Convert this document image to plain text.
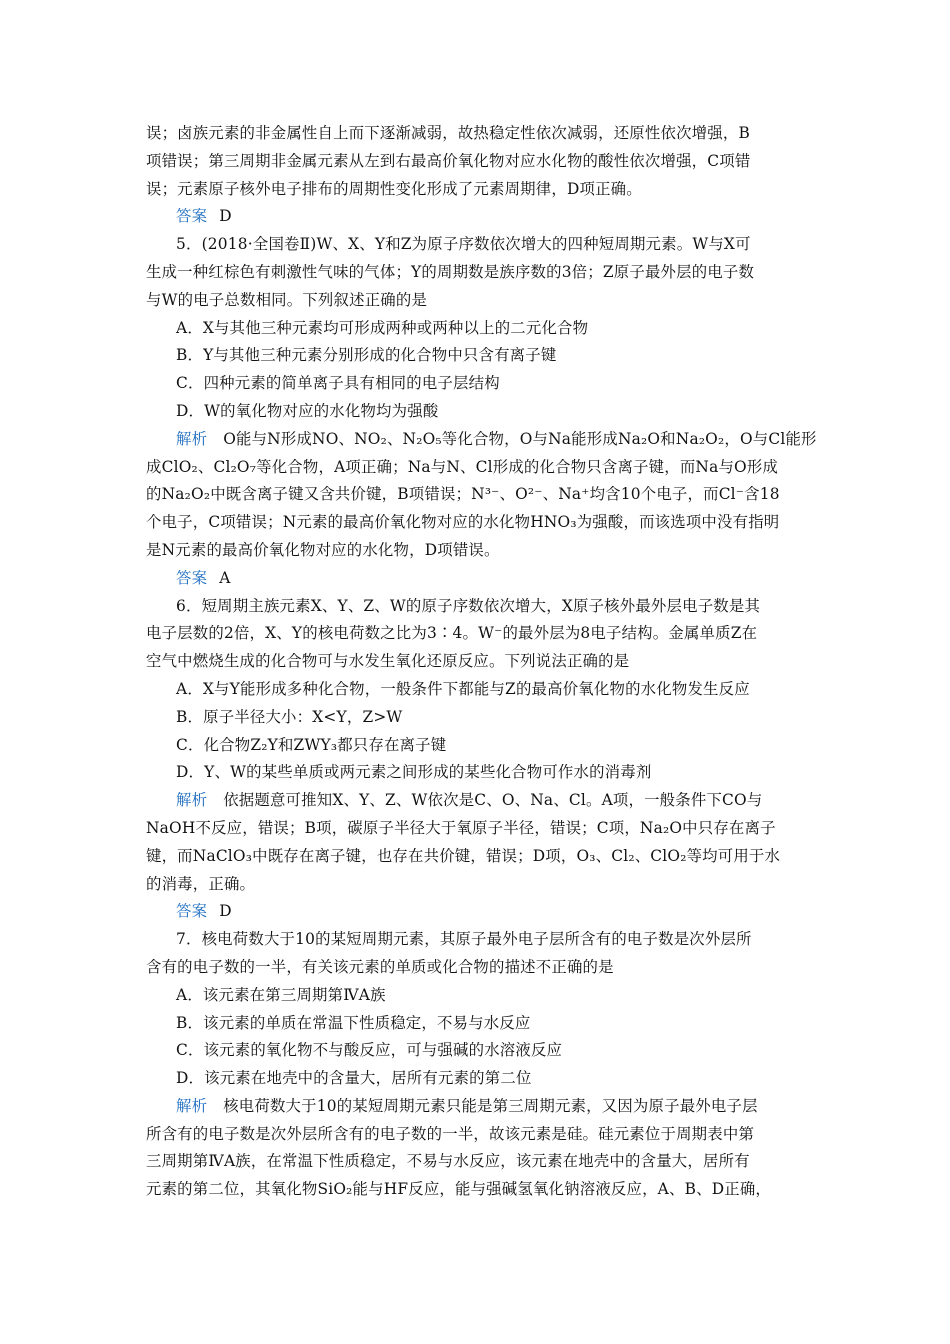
误；卤族元素的非金属性自上而下逐渐减弱，故热稳定性依次减弱，还原性依次增强，B
项错误；第三周期非金属元素从左到右最高价氧化物对应水化物的酸性依次增强，C项错
误；元素原子核外电子排布的周期性变化形成了元素周期律，D项正确。
答案 D
5．(2018·全国卷Ⅱ)W、X、Y和Z为原子序数依次增大的四种短周期元素。W与X可
生成一种红棕色有刺激性气味的气体；Y的周期数是族序数的3倍；Z原子最外层的电子数
与W的电子总数相同。下列叙述正确的是
A．X与其他三种元素均可形成两种或两种以上的二元化合物
B．Y与其他三种元素分别形成的化合物中只含有离子键
C．四种元素的简单离子具有相同的电子层结构
D．W的氧化物对应的水化物均为强酸
解析 O能与N形成NO、NO₂、N₂O₅等化合物，O与Na能形成Na₂O和Na₂O₂，O与Cl能形
成ClO₂、Cl₂O₇等化合物，A项正确；Na与N、Cl形成的化合物只含离子键，而Na与O形成
的Na₂O₂中既含离子键又含共价键，B项错误；N³⁻、O²⁻、Na⁺均含10个电子，而Cl⁻含18
个电子，C项错误；N元素的最高价氧化物对应的水化物HNO₃为强酸，而该选项中没有指明
是N元素的最高价氧化物对应的水化物，D项错误。
答案 A
6．短周期主族元素X、Y、Z、W的原子序数依次增大，X原子核外最外层电子数是其
电子层数的2倍，X、Y的核电荷数之比为3∶4。W⁻的最外层为8电子结构。金属单质Z在
空气中燃烧生成的化合物可与水发生氧化还原反应。下列说法正确的是
A．X与Y能形成多种化合物，一般条件下都能与Z的最高价氧化物的水化物发生反应
B．原子半径大小：X<Y，Z>W
C．化合物Z₂Y和ZWY₃都只存在离子键
D．Y、W的某些单质或两元素之间形成的某些化合物可作水的消毒剂
解析 依据题意可推知X、Y、Z、W依次是C、O、Na、Cl。A项，一般条件下CO与
NaOH不反应，错误；B项，碳原子半径大于氧原子半径，错误；C项，Na₂O中只存在离子
键，而NaClO₃中既存在离子键，也存在共价键，错误；D项，O₃、Cl₂、ClO₂等均可用于水
的消毒，正确。
答案 D
7．核电荷数大于10的某短周期元素，其原子最外电子层所含有的电子数是次外层所
含有的电子数的一半，有关该元素的单质或化合物的描述不正确的是
A．该元素在第三周期第ⅣA族
B．该元素的单质在常温下性质稳定，不易与水反应
C．该元素的氧化物不与酸反应，可与强碱的水溶液反应
D．该元素在地壳中的含量大，居所有元素的第二位
解析 核电荷数大于10的某短周期元素只能是第三周期元素，又因为原子最外电子层
所含有的电子数是次外层所含有的电子数的一半，故该元素是硅。硅元素位于周期表中第
三周期第ⅣA族，在常温下性质稳定，不易与水反应，该元素在地壳中的含量大，居所有
元素的第二位，其氧化物SiO₂能与HF反应，能与强碱氢氧化钠溶液反应，A、B、D正确，
